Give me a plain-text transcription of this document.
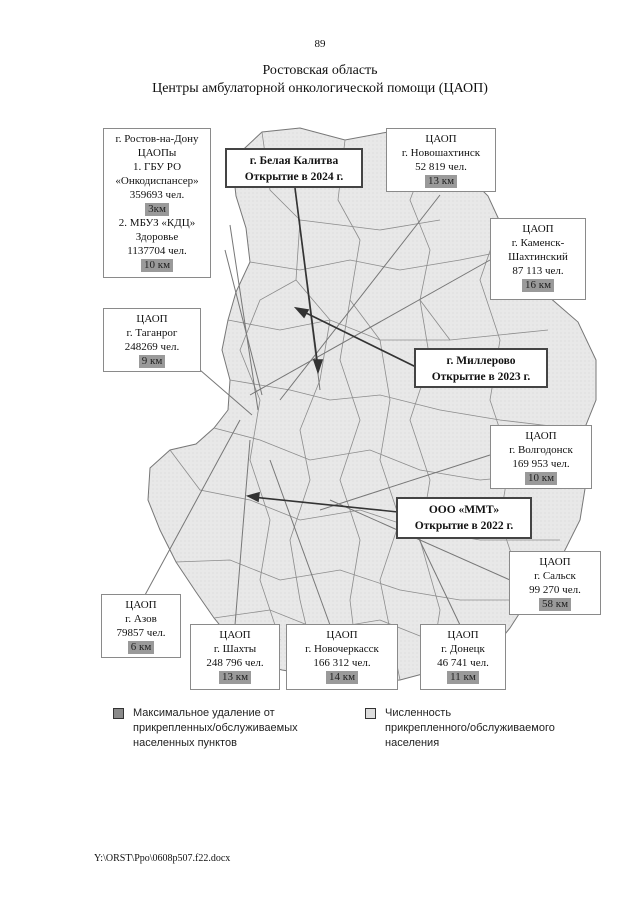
89
Ростовская область
Центры амбулаторной онкологической помощи (ЦАОП)
г. Ростов-на-Дону
ЦАОПы
1. ГБУ РО
«Онкодиспансер»
359693 чел.
3км
2. МБУЗ «КДЦ»
Здоровье
1137704 чел.
10 км
г. Белая Калитва
Открытие в 2024 г.
ЦАОП
г. Новошахтинск
52 819 чел.
13 км
ЦАОП
г. Каменск-
Шахтинский
87 113 чел.
16 км
ЦАОП
г. Таганрог
248269 чел.
9 км	г. Миллерово
Открытие в 2023 г.
ЦАОП
г. Волгодонск
169 953 чел.
10 км
ООО «ММТ»
Открытие в 2022 г.
ЦАОП
г. Сальск
99 270 чел.
58 км
ЦАОП
г. Азов
79857 чел.
6 км
ЦАОП
г. Шахты
248 796 чел.
13 км
ЦАОП
г. Новочеркасск
166 312 чел.
14 км
ЦАОП
г. Донецк
46 741 чел.
11 км
Максимальное удаление от
прикрепленных/обслуживаемых
населенных пунктов
Численность
прикрепленного/обслуживаемого
населения
Y:\ORST\Ppo\0608p507.f22.docx
